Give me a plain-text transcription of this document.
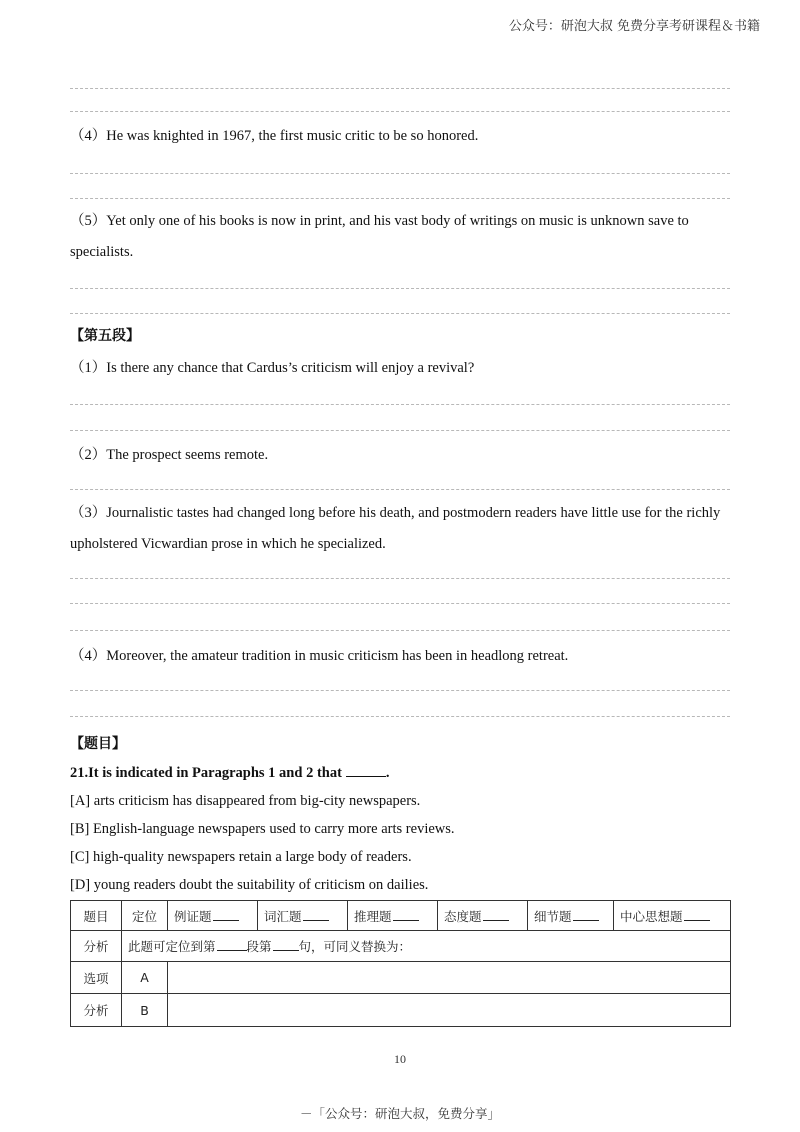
公众号：研泡大叔 免费分享考研课程＆书籍
（4）He was knighted in 1967, the first music critic to be so honored.
（5）Yet only one of his books is now in print, and his vast body of writings on music is unknown save to specialists.
【第五段】
（1）Is there any chance that Cardus’s criticism will enjoy a revival?
（2）The prospect seems remote.
（3）Journalistic tastes had changed long before his death, and postmodern readers have little use for the richly upholstered Vicwardian prose in which he specialized.
（4）Moreover, the amateur tradition in music criticism has been in headlong retreat.
【题目】
21.It is indicated in Paragraphs 1 and 2 that	.
[A] arts criticism has disappeared from big-city newspapers.
[B] English-language newspapers used to carry more arts reviews.
[C] high-quality newspapers retain a large body of readers.
[D] young readers doubt the suitability of criticism on dailies.
题目	定位	例证题	词汇题	推理题	态度题	细节题	中心思想题
分析	此题可定位到第 段第 句，可同义替换为：						
选项	A						
分析	B						
10
－「公众号：研泡大叔，免费分享」
